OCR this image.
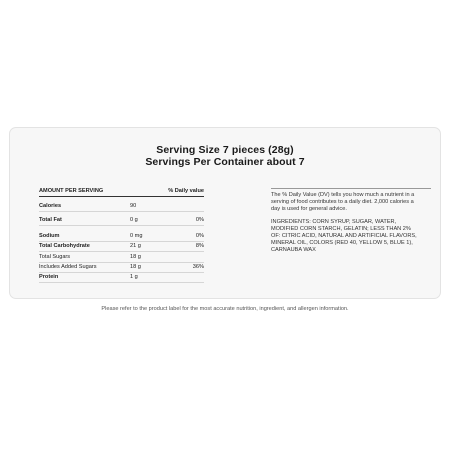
Serving Size 7 pieces (28g)
Servings Per Container about 7
AMOUNT PER SERVING	% Daily value
Calories	90
Total Fat	0 g	0%
Sodium	0 mg	0%
Total Carbohydrate	21 g	8%
Total Sugars	18 g
Includes Added Sugars	18 g	36%
Protein	1 g
The % Daily Value (DV) tells you how much a nutrient in a serving of food contributes to a daily diet. 2,000 calories a day is used for general advice.
INGREDIENTS: CORN SYRUP, SUGAR, WATER, MODIFIED CORN STARCH, GELATIN; LESS THAN 2% OF: CITRIC ACID, NATURAL AND ARTIFICIAL FLAVORS, MINERAL OIL, COLORS (RED 40, YELLOW 5, BLUE 1), CARNAUBA WAX
Please refer to the product label for the most accurate nutrition, ingredient, and allergen information.
